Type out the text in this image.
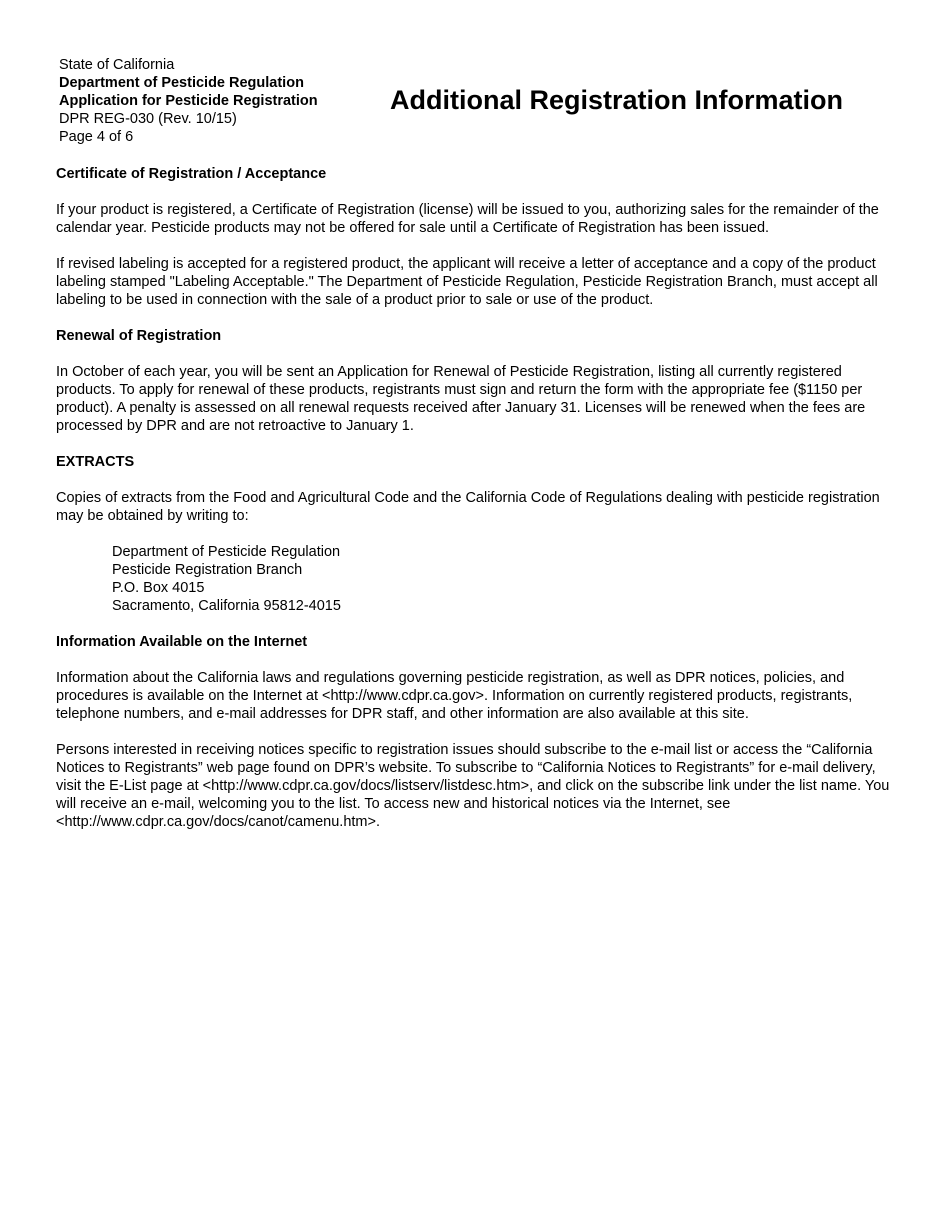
State of California
Department of Pesticide Regulation
Application for Pesticide Registration
DPR REG-030 (Rev. 10/15)
Page 4 of 6
Additional Registration Information
Certificate of Registration / Acceptance
If your product is registered, a Certificate of Registration (license) will be issued to you, authorizing sales for the remainder of the calendar year. Pesticide products may not be offered for sale until a Certificate of Registration has been issued.
If revised labeling is accepted for a registered product, the applicant will receive a letter of acceptance and a copy of the product labeling stamped "Labeling Acceptable." The Department of Pesticide Regulation, Pesticide Registration Branch, must accept all labeling to be used in connection with the sale of a product prior to sale or use of the product.
Renewal of Registration
In October of each year, you will be sent an Application for Renewal of Pesticide Registration, listing all currently registered products. To apply for renewal of these products, registrants must sign and return the form with the appropriate fee ($1150 per product). A penalty is assessed on all renewal requests received after January 31. Licenses will be renewed when the fees are processed by DPR and are not retroactive to January 1.
EXTRACTS
Copies of extracts from the Food and Agricultural Code and the California Code of Regulations dealing with pesticide registration may be obtained by writing to:
Department of Pesticide Regulation
Pesticide Registration Branch
P.O. Box 4015
Sacramento, California 95812-4015
Information Available on the Internet
Information about the California laws and regulations governing pesticide registration, as well as DPR notices, policies, and procedures is available on the Internet at <http://www.cdpr.ca.gov>. Information on currently registered products, registrants, telephone numbers, and e-mail addresses for DPR staff, and other information are also available at this site.
Persons interested in receiving notices specific to registration issues should subscribe to the e-mail list or access the “California Notices to Registrants” web page found on DPR’s website. To subscribe to “California Notices to Registrants” for e-mail delivery, visit the E-List page at <http://www.cdpr.ca.gov/docs/listserv/listdesc.htm>, and click on the subscribe link under the list name. You will receive an e-mail, welcoming you to the list. To access new and historical notices via the Internet, see <http://www.cdpr.ca.gov/docs/canot/camenu.htm>.
